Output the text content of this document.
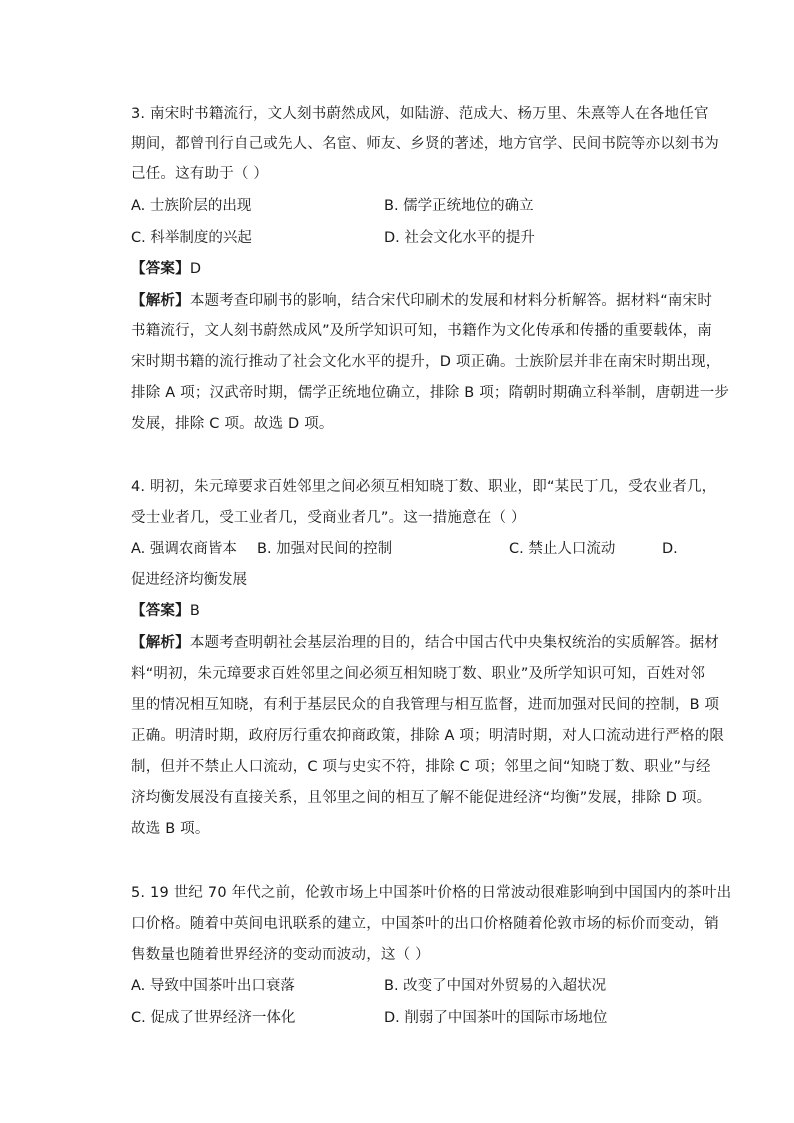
3. 南宋时书籍流行，文人刻书蔚然成风，如陆游、范成大、杨万里、朱熹等人在各地任官
期间，都曾刊行自己或先人、名宦、师友、乡贤的著述，地方官学、民间书院等亦以刻书为
己任。这有助于（ ）
A. 士族阶层的出现	B. 儒学正统地位的确立
C. 科举制度的兴起	D. 社会文化水平的提升
【答案】D
【解析】本题考查印刷书的影响，结合宋代印刷术的发展和材料分析解答。据材料“南宋时
书籍流行，文人刻书蔚然成风”及所学知识可知，书籍作为文化传承和传播的重要载体，南
宋时期书籍的流行推动了社会文化水平的提升，D 项正确。士族阶层并非在南宋时期出现，
排除 A 项；汉武帝时期，儒学正统地位确立，排除 B 项；隋朝时期确立科举制，唐朝进一步
发展，排除 C 项。故选 D 项。
4. 明初，朱元璋要求百姓邻里之间必须互相知晓丁数、职业，即“某民丁几，受农业者几，
受士业者几，受工业者几，受商业者几”。这一措施意在（ ）
A. 强调农商皆本 B. 加强对民间的控制	C. 禁止人口流动	D.
促进经济均衡发展
【答案】B
【解析】本题考查明朝社会基层治理的目的，结合中国古代中央集权统治的实质解答。据材
料“明初，朱元璋要求百姓邻里之间必须互相知晓丁数、职业”及所学知识可知，百姓对邻
里的情况相互知晓，有利于基层民众的自我管理与相互监督，进而加强对民间的控制，B 项
正确。明清时期，政府厉行重农抑商政策，排除 A 项；明清时期，对人口流动进行严格的限
制，但并不禁止人口流动，C 项与史实不符，排除 C 项；邻里之间“知晓丁数、职业”与经
济均衡发展没有直接关系，且邻里之间的相互了解不能促进经济“均衡”发展，排除 D 项。
故选 B 项。
5. 19 世纪 70 年代之前，伦敦市场上中国茶叶价格的日常波动很难影响到中国国内的茶叶出
口价格。随着中英间电讯联系的建立，中国茶叶的出口价格随着伦敦市场的标价而变动，销
售数量也随着世界经济的变动而波动，这（ ）
A. 导致中国茶叶出口衰落	B. 改变了中国对外贸易的入超状况
C. 促成了世界经济一体化	D. 削弱了中国茶叶的国际市场地位
